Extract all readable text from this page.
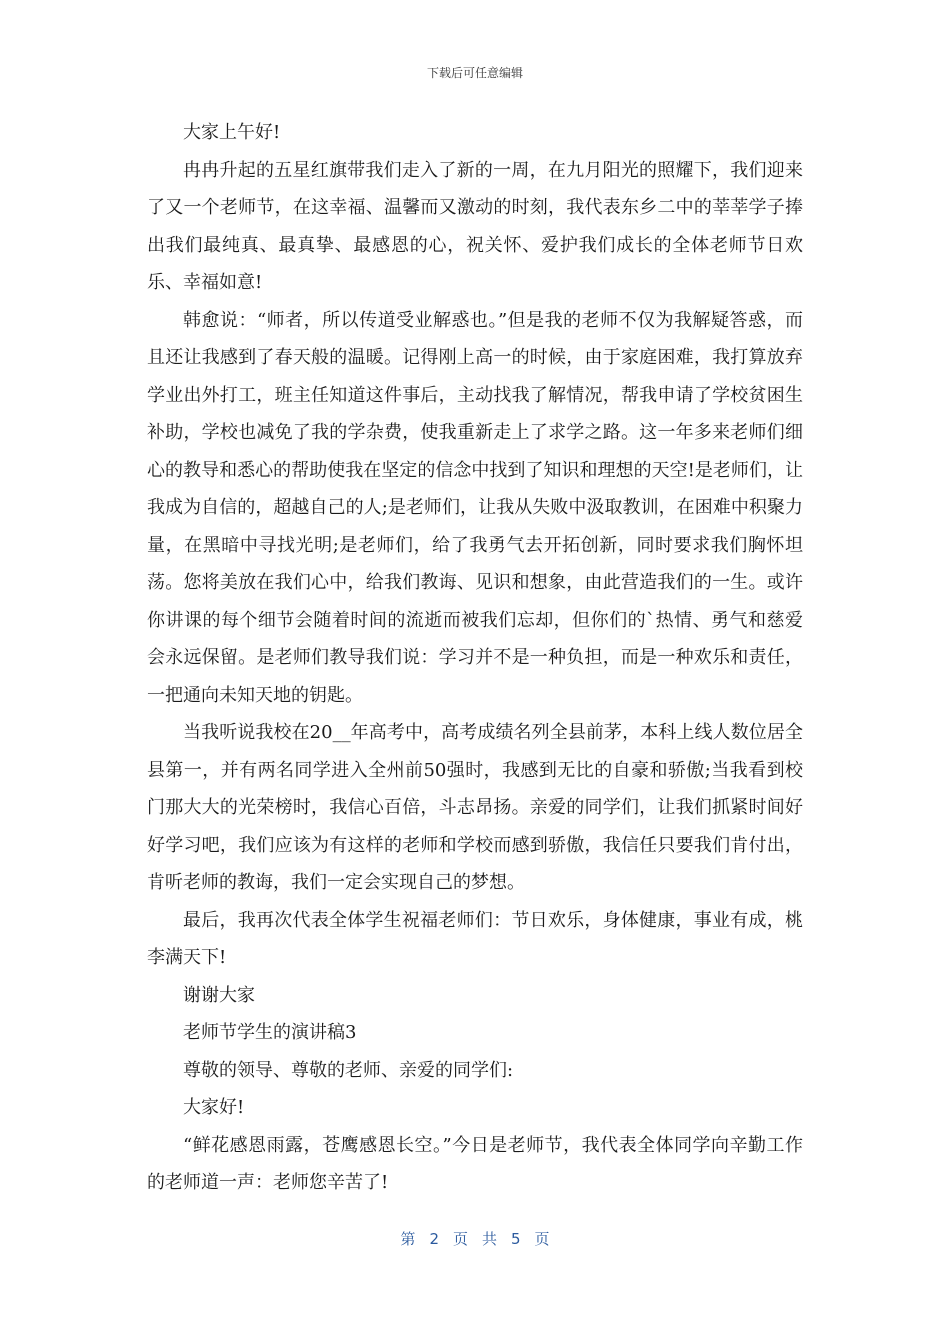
下载后可任意编辑

大家上午好!

冉冉升起的五星红旗带我们走入了新的一周，在九月阳光的照耀下，我们迎来了又一个老师节，在这幸福、温馨而又激动的时刻，我代表东乡二中的莘莘学子捧出我们最纯真、最真挚、最感恩的心，祝关怀、爱护我们成长的全体老师节日欢乐、幸福如意!

韩愈说：“师者，所以传道受业解惑也。”但是我的老师不仅为我解疑答惑，而且还让我感到了春天般的温暖。记得刚上高一的时候，由于家庭困难，我打算放弃学业出外打工，班主任知道这件事后，主动找我了解情况，帮我申请了学校贫困生补助，学校也减免了我的学杂费，使我重新走上了求学之路。这一年多来老师们细心的教导和悉心的帮助使我在坚定的信念中找到了知识和理想的天空!是老师们，让我成为自信的，超越自己的人;是老师们，让我从失败中汲取教训，在困难中积聚力量，在黑暗中寻找光明;是老师们，给了我勇气去开拓创新，同时要求我们胸怀坦荡。您将美放在我们心中，给我们教诲、见识和想象，由此营造我们的一生。或许你讲课的每个细节会随着时间的流逝而被我们忘却，但你们的`热情、勇气和慈爱会永远保留。是老师们教导我们说：学习并不是一种负担，而是一种欢乐和责任，一把通向未知天地的钥匙。

当我听说我校在20__年高考中，高考成绩名列全县前茅，本科上线人数位居全县第一，并有两名同学进入全州前50强时，我感到无比的自豪和骄傲;当我看到校门那大大的光荣榜时，我信心百倍，斗志昂扬。亲爱的同学们，让我们抓紧时间好好学习吧，我们应该为有这样的老师和学校而感到骄傲，我信任只要我们肯付出，肯听老师的教诲，我们一定会实现自己的梦想。

最后，我再次代表全体学生祝福老师们：节日欢乐，身体健康，事业有成，桃李满天下!

谢谢大家

老师节学生的演讲稿3

尊敬的领导、尊敬的老师、亲爱的同学们:

大家好!

“鲜花感恩雨露，苍鹰感恩长空。”今日是老师节，我代表全体同学向辛勤工作的老师道一声：老师您辛苦了!

第 2 页共5 页
